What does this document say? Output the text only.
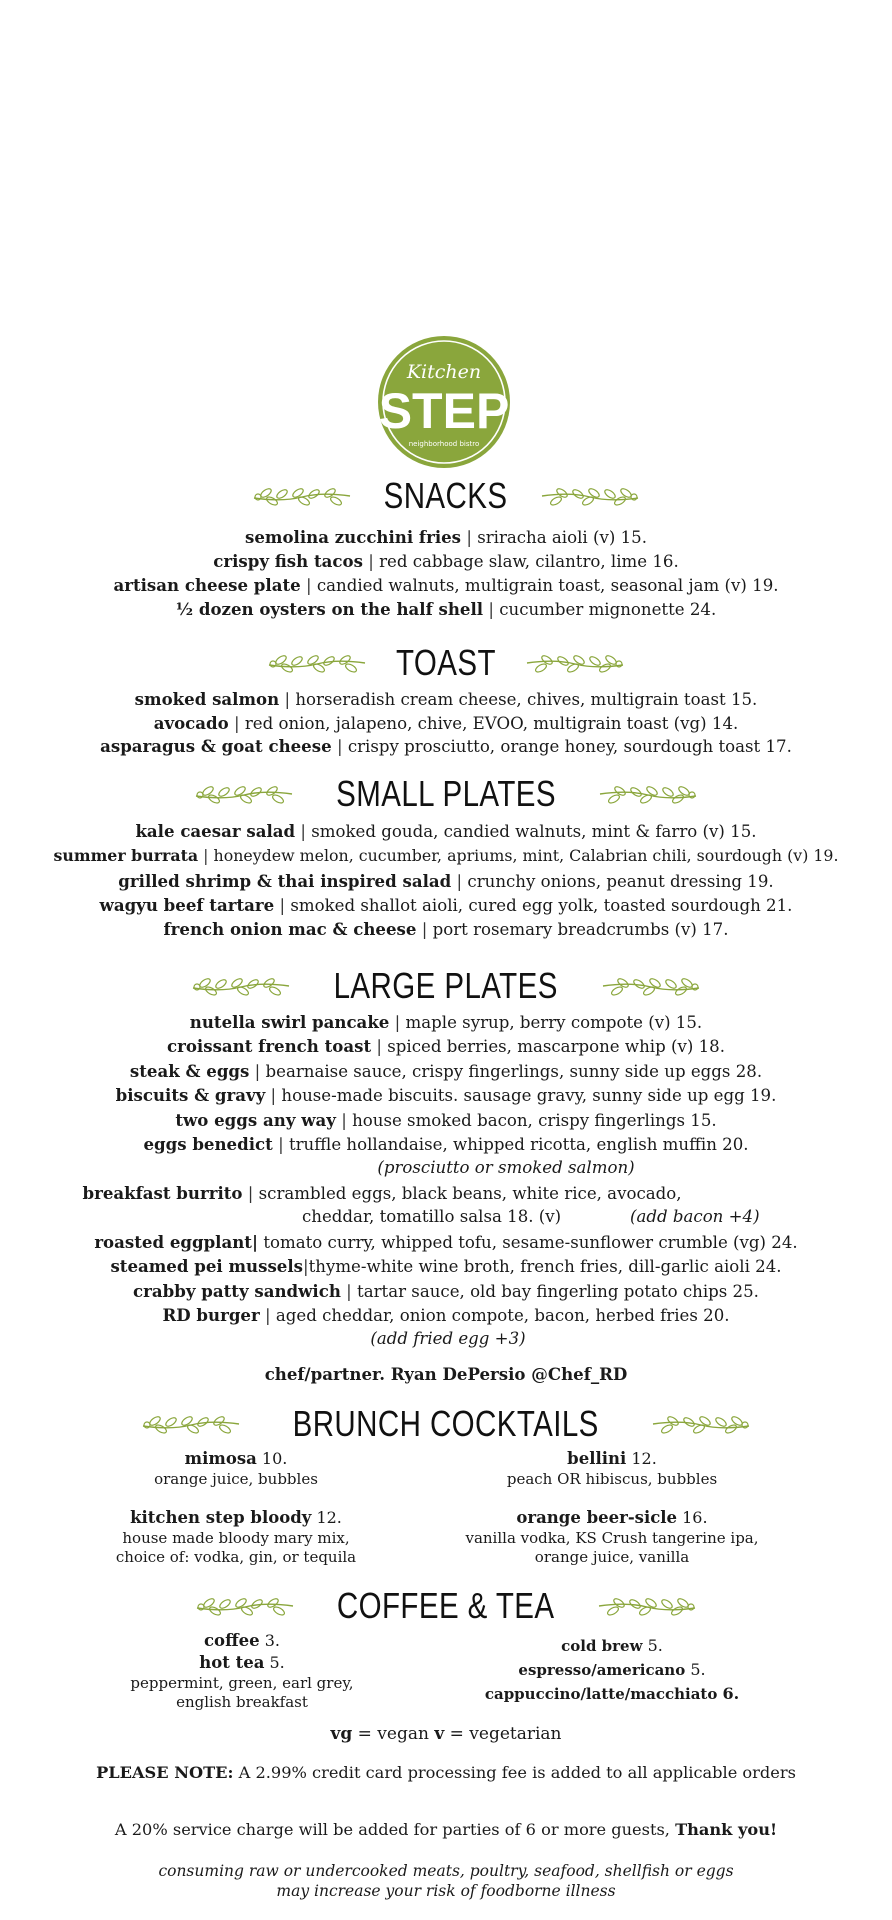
Kitchen
STEP
neighborhood bistro
SNACKS
semolina zucchini fries | sriracha aioli (v) 15.
crispy fish tacos | red cabbage slaw, cilantro, lime 16.
artisan cheese plate | candied walnuts, multigrain toast, seasonal jam (v) 19.
½ dozen oysters on the half shell | cucumber mignonette 24.
TOAST
smoked salmon | horseradish cream cheese, chives, multigrain toast 15.
avocado | red onion, jalapeno, chive, EVOO, multigrain toast (vg) 14.
asparagus & goat cheese | crispy prosciutto, orange honey, sourdough toast 17.
SMALL PLATES
kale caesar salad | smoked gouda, candied walnuts, mint & farro (v) 15.
summer burrata | honeydew melon, cucumber, apriums, mint, Calabrian chili, sourdough (v) 19.
grilled shrimp & thai inspired salad | crunchy onions, peanut dressing 19.
wagyu beef tartare | smoked shallot aioli, cured egg yolk, toasted sourdough 21.
french onion mac & cheese | port rosemary breadcrumbs (v) 17.
LARGE PLATES
nutella swirl pancake | maple syrup, berry compote (v) 15.
croissant french toast | spiced berries, mascarpone whip (v) 18.
steak & eggs | bearnaise sauce, crispy fingerlings, sunny side up eggs 28.
biscuits & gravy | house-made biscuits. sausage gravy, sunny side up egg 19.
two eggs any way | house smoked bacon, crispy fingerlings 15.
eggs benedict | truffle hollandaise, whipped ricotta, english muffin 20.
(prosciutto or smoked salmon)
breakfast burrito | scrambled eggs, black beans, white rice, avocado,
cheddar, tomatillo salsa 18. (v)	(add bacon +4)
roasted eggplant| tomato curry, whipped tofu, sesame-sunflower crumble (vg) 24.
steamed pei mussels|thyme-white wine broth, french fries, dill-garlic aioli 24.
crabby patty sandwich | tartar sauce, old bay fingerling potato chips 25.
RD burger | aged cheddar, onion compote, bacon, herbed fries 20.
(add fried egg +3)
chef/partner. Ryan DePersio @Chef_RD
BRUNCH COCKTAILS
mimosa 10.
orange juice, bubbles
kitchen step bloody 12.
house made bloody mary mix,
choice of: vodka, gin, or tequila
bellini 12.
peach OR hibiscus, bubbles
orange beer-sicle 16.
vanilla vodka, KS Crush tangerine ipa,
orange juice, vanilla
COFFEE & TEA
coffee 3.
hot tea 5.
peppermint, green, earl grey,
english breakfast
cold brew 5.
espresso/americano 5.
cappuccino/latte/macchiato 6.
vg = vegan v = vegetarian
PLEASE NOTE: A 2.99% credit card processing fee is added to all applicable orders
A 20% service charge will be added for parties of 6 or more guests, Thank you!
consuming raw or undercooked meats, poultry, seafood, shellfish or eggs
may increase your risk of foodborne illness
